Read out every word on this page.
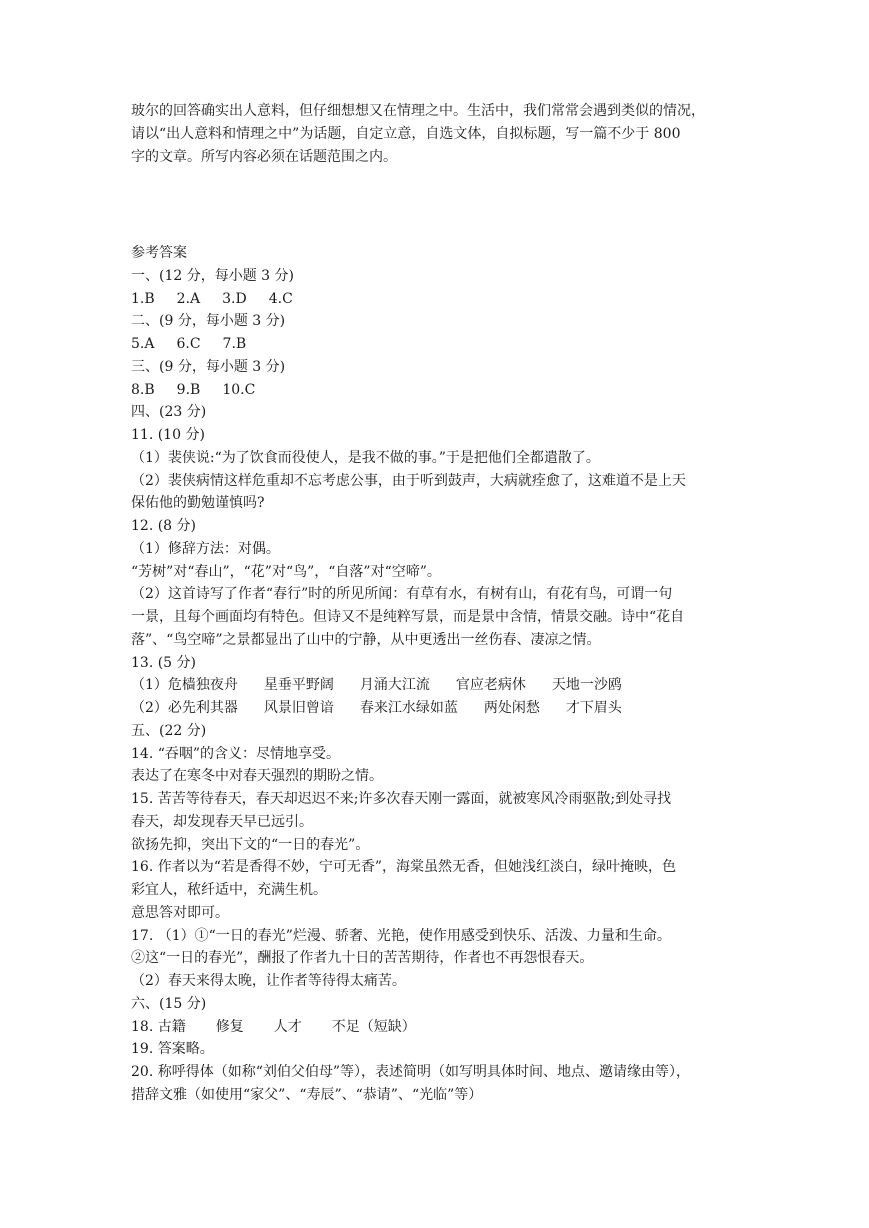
玻尔的回答确实出人意料，但仔细想想又在情理之中。生活中，我们常常会遇到类似的情况，

请以“出人意料和情理之中”为话题，自定立意，自选文体，自拟标题，写一篇不少于 800

字的文章。所写内容必须在话题范围之内。

参考答案

一、(12 分，每小题 3 分)

1.B 2.A 3.D 4.C

二、(9 分，每小题 3 分)

5.A 6.C 7.B

三、(9 分，每小题 3 分)

8.B 9.B 10.C

四、(23 分)

11. (10 分)

（1）裴侠说:“为了饮食而役使人，是我不做的事。”于是把他们全都遣散了。

（2）裴侠病情这样危重却不忘考虑公事，由于听到鼓声，大病就痊愈了，这难道不是上天

保佑他的勤勉谨慎吗?

12. (8 分)

（1）修辞方法：对偶。

“芳树”对“春山”，“花”对“鸟”，“自落”对“空啼”。

（2）这首诗写了作者“春行”时的所见所闻：有草有水，有树有山，有花有鸟，可谓一句

一景，且每个画面均有特色。但诗又不是纯粹写景，而是景中含情，情景交融。诗中“花自

落”、“鸟空啼”之景都显出了山中的宁静，从中更透出一丝伤春、凄凉之情。

13. (5 分)

（1）危樯独夜舟 星垂平野阔 月涌大江流 官应老病休 天地一沙鸥
（2）必先利其器 风景旧曾谙 春来江水绿如蓝 两处闲愁 才下眉头

五、(22 分)

14. “吞咽”的含义：尽情地享受。

表达了在寒冬中对春天强烈的期盼之情。

15. 苦苦等待春天，春天却迟迟不来;许多次春天刚一露面，就被寒风冷雨驱散;到处寻找

春天，却发现春天早已远引。

欲扬先抑，突出下文的“一日的春光”。

16. 作者以为“若是香得不妙，宁可无香”，海棠虽然无香，但她浅红淡白，绿叶掩映，色

彩宜人，秾纤适中，充满生机。

意思答对即可。

17. （1）①“一日的春光”烂漫、骄奢、光艳，使作用感受到快乐、活泼、力量和生命。

②这“一日的春光”，酬报了作者九十日的苦苦期待，作者也不再怨恨春天。

（2）春天来得太晚，让作者等待得太痛苦。

六、(15 分)

18. 古籍 修复 人才 不足（短缺）

19. 答案略。

20. 称呼得体（如称“刘伯父伯母”等），表述简明（如写明具体时间、地点、邀请缘由等），

措辞文雅（如使用“家父”、“寿辰”、“恭请”、“光临”等）
